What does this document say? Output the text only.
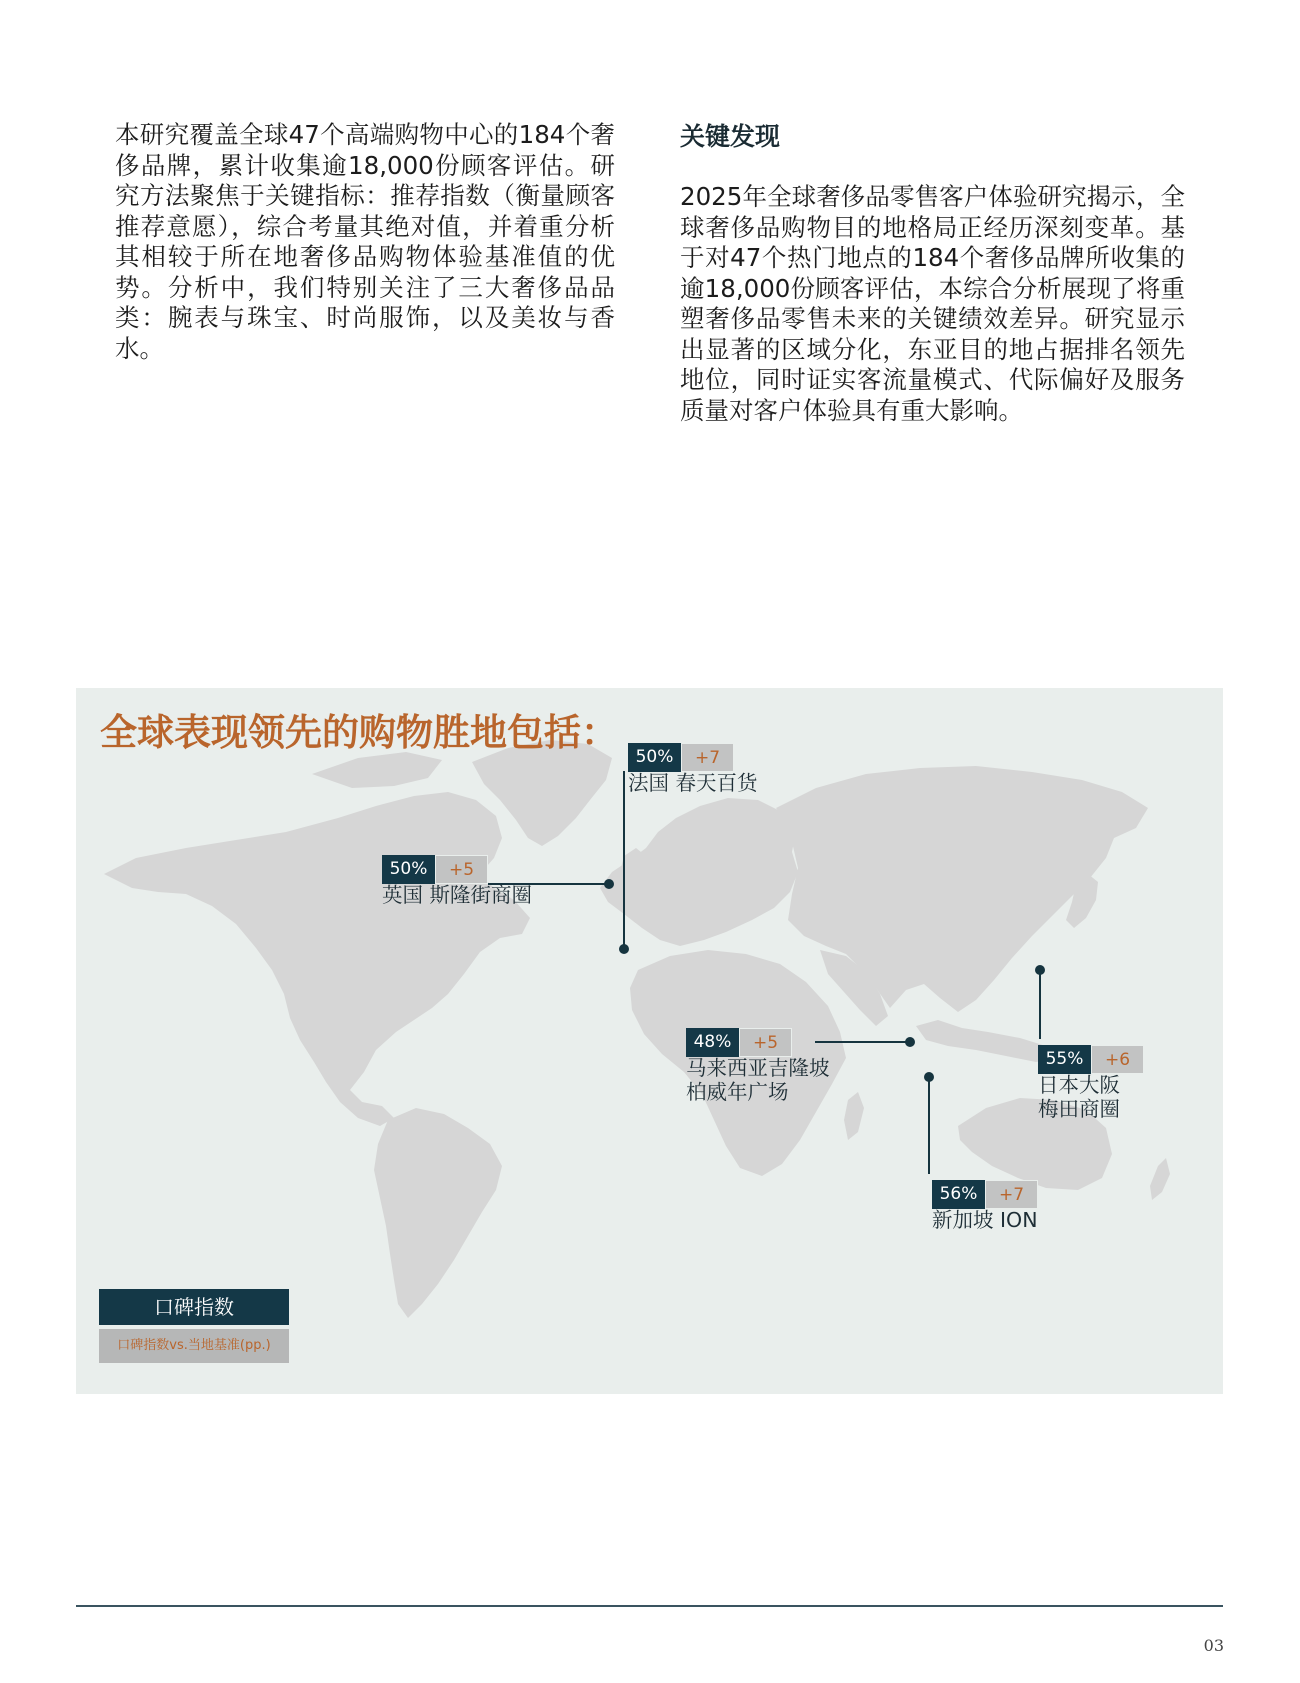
本研究覆盖全球47个高端购物中心的184个奢侈品牌，累计收集逾18,000份顾客评估。研究方法聚焦于关键指标：推荐指数（衡量顾客推荐意愿），综合考量其绝对值，并着重分析其相较于所在地奢侈品购物体验基准值的优势。分析中，我们特别关注了三大奢侈品品类：腕表与珠宝、时尚服饰，以及美妆与香水。
关键发现

2025年全球奢侈品零售客户体验研究揭示，全球奢侈品购物目的地格局正经历深刻变革。基于对47个热门地点的184个奢侈品牌所收集的逾18,000份顾客评估，本综合分析展现了将重塑奢侈品零售未来的关键绩效差异。研究显示出显著的区域分化，东亚目的地占据排名领先地位，同时证实客流量模式、代际偏好及服务质量对客户体验具有重大影响。

全球表现领先的购物胜地包括：
50%	+7
法国 春天百货
50%	+5
英国 斯隆街商圈
48%	+5
马来西亚吉隆坡
柏威年广场
55%	+6
日本大阪
梅田商圈
56%	+7
新加坡 ION
口碑指数
口碑指数vs.当地基准(pp.)
03
